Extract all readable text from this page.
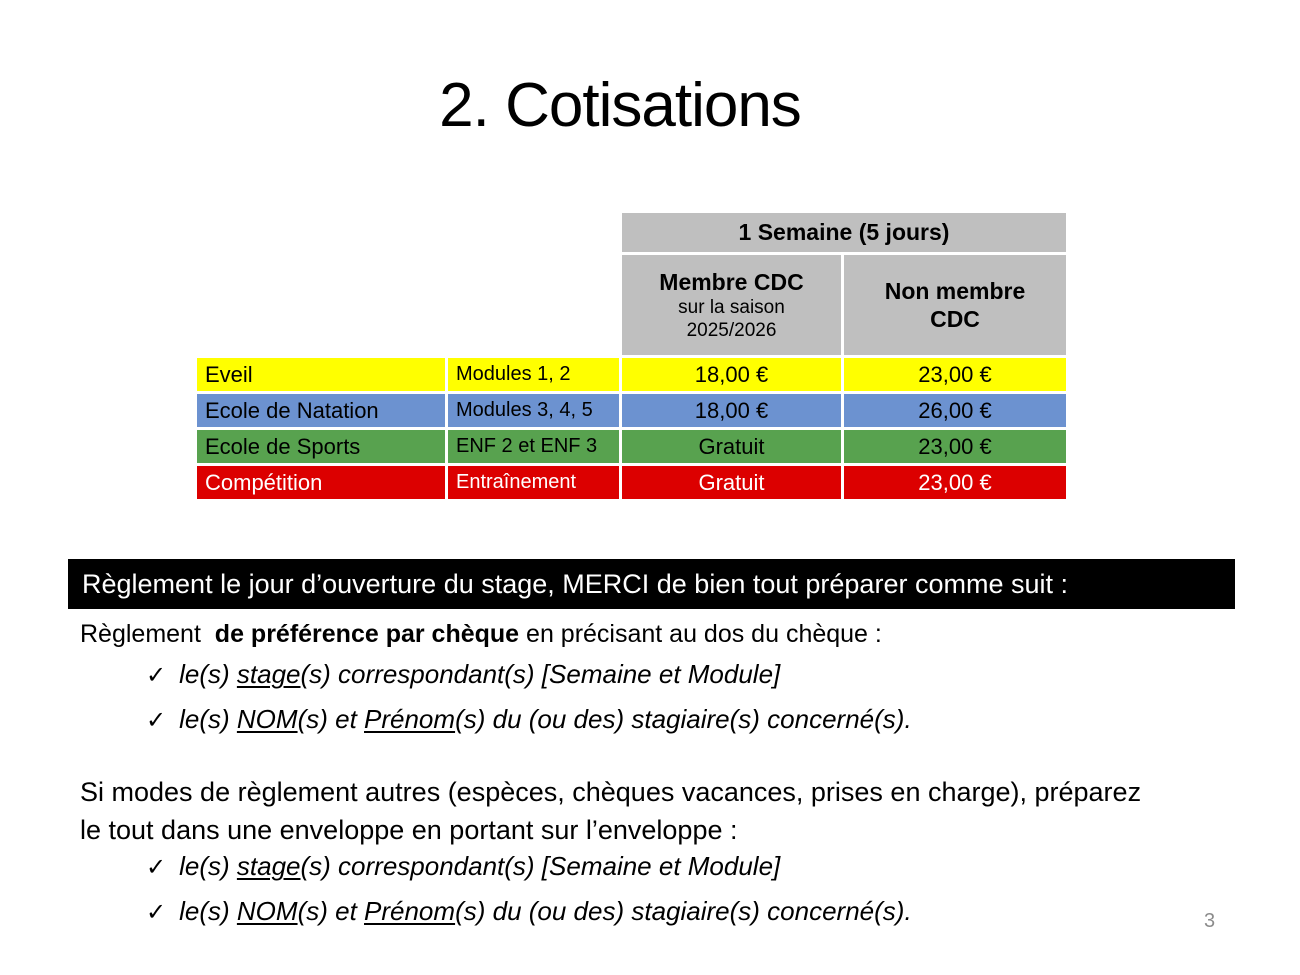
2. Cotisations
1 Semaine (5 jours)
Membre CDC
sur la saison
2025/2026
Non membre
CDC
Eveil	Modules 1, 2	18,00 €	23,00 €
Ecole de Natation	Modules 3, 4, 5	18,00 €	26,00 €
Ecole de Sports	ENF 2 et ENF 3	Gratuit	23,00 €
Compétition	Entraînement	Gratuit	23,00 €
Règlement le jour d’ouverture du stage, MERCI de bien tout préparer comme suit :
Règlement  de préférence par chèque en précisant au dos du chèque :
✓ le(s) stage(s) correspondant(s) [Semaine et Module]
✓ le(s) NOM(s) et Prénom(s) du (ou des) stagiaire(s) concerné(s).
Si modes de règlement autres (espèces, chèques vacances, prises en charge), préparez
le tout dans une enveloppe en portant sur l’enveloppe :
✓ le(s) stage(s) correspondant(s) [Semaine et Module]
✓ le(s) NOM(s) et Prénom(s) du (ou des) stagiaire(s) concerné(s).	3
